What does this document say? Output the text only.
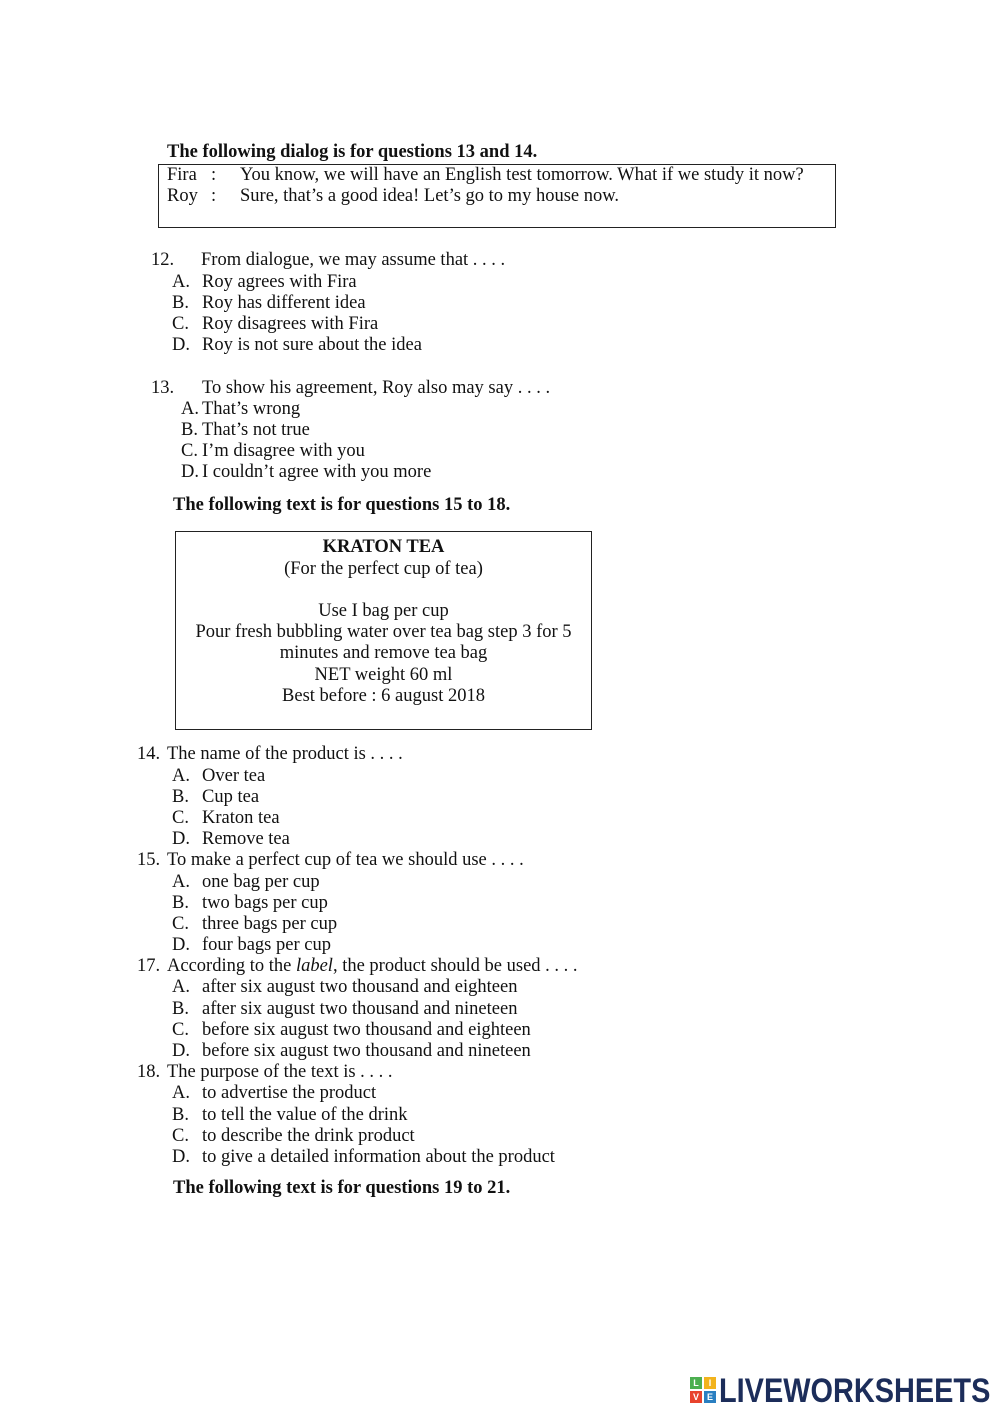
The following dialog is for questions 13 and 14.
Fira : You know, we will have an English test tomorrow. What if we study it now?
Roy : Sure, that’s a good idea! Let’s go to my house now.
12. From dialogue, we may assume that . . . .
A. Roy agrees with Fira
B. Roy has different idea
C. Roy disagrees with Fira
D. Roy is not sure about the idea
13. To show his agreement, Roy also may say . . . .
A. That’s wrong
B. That’s not true
C. I’m disagree with you
D. I couldn’t agree with you more
The following text is for questions 15 to 18.
KRATON TEA
(For the perfect cup of tea)
Use I bag per cup
Pour fresh bubbling water over tea bag step 3 for 5
minutes and remove tea bag
NET weight 60 ml
Best before : 6 august 2018
14. The name of the product is . . . .
A. Over tea
B. Cup tea
C. Kraton tea
D. Remove tea
15. To make a perfect cup of tea we should use . . . .
A. one bag per cup
B. two bags per cup
C. three bags per cup
D. four bags per cup
17. According to the label, the product should be used . . . .
A. after six august two thousand and eighteen
B. after six august two thousand and nineteen
C. before six august two thousand and eighteen
D. before six august two thousand and nineteen
18. The purpose of the text is . . . .
A. to advertise the product
B. to tell the value of the drink
C. to describe the drink product
D. to give a detailed information about the product
The following text is for questions 19 to 21.
L	I
V E LIVEWORKSHEETS
